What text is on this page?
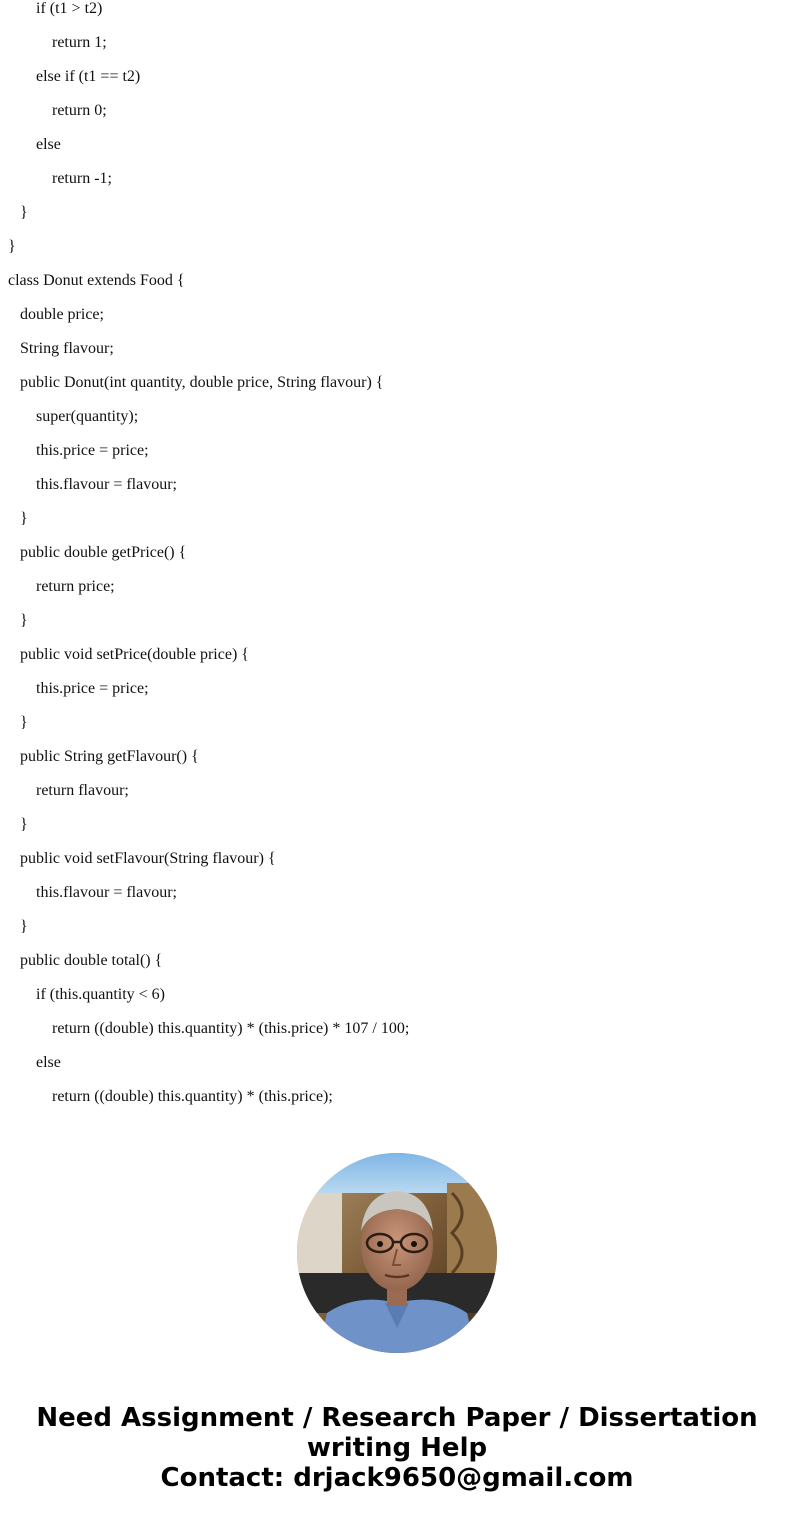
if (t1 > t2)
return 1;
else if (t1 == t2)
return 0;
else
return -1;
}
}
class Donut extends Food {
double price;
String flavour;
public Donut(int quantity, double price, String flavour) {
super(quantity);
this.price = price;
this.flavour = flavour;
}
public double getPrice() {
return price;
}
public void setPrice(double price) {
this.price = price;
}
public String getFlavour() {
return flavour;
}
public void setFlavour(String flavour) {
this.flavour = flavour;
}
public double total() {
if (this.quantity < 6)
return ((double) this.quantity) * (this.price) * 107 / 100;
else
return ((double) this.quantity) * (this.price);
Need Assignment / Research Paper / Dissertation
writing Help
Contact: drjack9650@gmail.com
